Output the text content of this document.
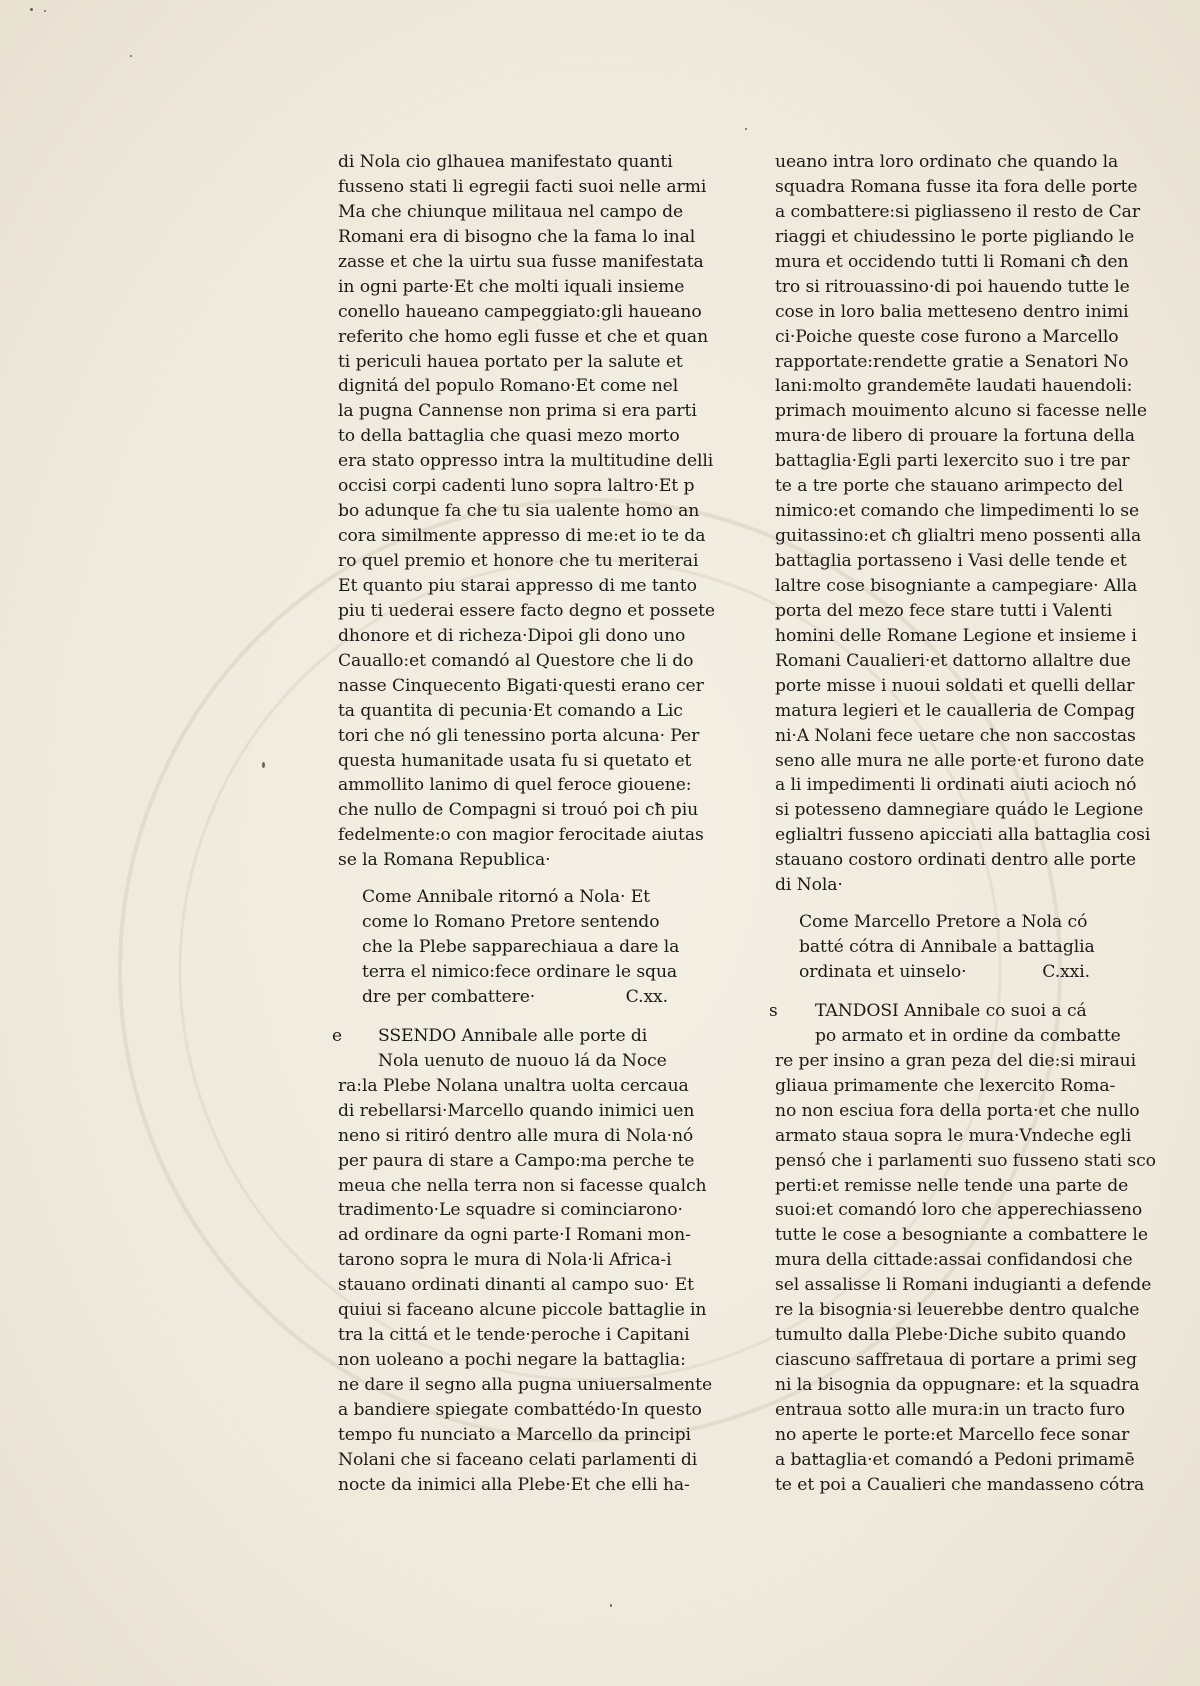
di Nola cio glhauea manifestato quanti
fusseno stati li egregii facti suoi nelle armi
Ma che chiunque militaua nel campo de
Romani era di bisogno che la fama lo inal
zasse et che la uirtu sua fusse manifestata
in ogni parte·Et che molti iquali insieme
conello haueano campeggiato:gli haueano
referito che homo egli fusse et che et quan
ti periculi hauea portato per la salute et
dignitá del populo Romano·Et come nel
la pugna Cannense non prima si era parti
to della battaglia che quasi mezo morto
era stato oppresso intra la multitudine delli
occisi corpi cadenti luno sopra laltro·Et p
bo adunque fa che tu sia ualente homo an
cora similmente appresso di me:et io te da
ro quel premio et honore che tu meriterai
Et quanto piu starai appresso di me tanto
piu ti uederai essere facto degno et possete
dhonore et di richeza·Dipoi gli dono uno
Cauallo:et comandó al Questore che li do
nasse Cinquecento Bigati·questi erano cer
ta quantita di pecunia·Et comando a Lic
tori che nó gli tenessino porta alcuna· Per
questa humanitade usata fu si quetato et
ammollito lanimo di quel feroce giouene:
che nullo de Compagni si trouó poi cħ piu
fedelmente:o con magior ferocitade aiutas
se la Romana Republica·
Come Annibale ritornó a Nola· Et
come lo Romano Pretore sentendo
che la Plebe sapparechiaua a dare la
terra el nimico:fece ordinare le squa
dre per combattere·	C.xx.
e	SSENDO Annibale alle porte di
Nola uenuto de nuouo lá da Noce
ra:la Plebe Nolana unaltra uolta cercaua
di rebellarsi·Marcello quando inimici uen
neno si ritiró dentro alle mura di Nola·nó
per paura di stare a Campo:ma perche te
meua che nella terra non si facesse qualch
tradimento·Le squadre si cominciarono·
ad ordinare da ogni parte·I Romani mon-
tarono sopra le mura di Nola·li Africa-i
stauano ordinati dinanti al campo suo· Et
quiui si faceano alcune piccole battaglie in
tra la cittá et le tende·peroche i Capitani
non uoleano a pochi negare la battaglia:
ne dare il segno alla pugna uniuersalmente
a bandiere spiegate combattédo·In questo
tempo fu nunciato a Marcello da principi
Nolani che si faceano celati parlamenti di
nocte da inimici alla Plebe·Et che elli ha-
ueano intra loro ordinato che quando la
squadra Romana fusse ita fora delle porte
a combattere:si pigliasseno il resto de Car
riaggi et chiudessino le porte pigliando le
mura et occidendo tutti li Romani cħ den
tro si ritrouassino·di poi hauendo tutte le
cose in loro balia metteseno dentro inimi
ci·Poiche queste cose furono a Marcello
rapportate:rendette gratie a Senatori No
lani:molto grandemēte laudati hauendoli:
primach mouimento alcuno si facesse nelle
mura·de libero di prouare la fortuna della
battaglia·Egli parti lexercito suo i tre par
te a tre porte che stauano arimpecto del
nimico:et comando che limpedimenti lo se
guitassino:et cħ glialtri meno possenti alla
battaglia portasseno i Vasi delle tende et
laltre cose bisogniante a campegiare· Alla
porta del mezo fece stare tutti i Valenti
homini delle Romane Legione et insieme i
Romani Caualieri·et dattorno allaltre due
porte misse i nuoui soldati et quelli dellar
matura legieri et le caualleria de Compag
ni·A Nolani fece uetare che non saccostas
seno alle mura ne alle porte·et furono date
a li impedimenti li ordinati aiuti acioch nó
si potesseno damnegiare quádo le Legione
eglialtri fusseno apicciati alla battaglia cosi
stauano costoro ordinati dentro alle porte
di Nola·
Come Marcello Pretore a Nola có
batté cótra di Annibale a battaglia
ordinata et uinselo·	C.xxi.
s	TANDOSI Annibale co suoi a cá
po armato et in ordine da combatte
re per insino a gran peza del die:si miraui
gliaua primamente che lexercito Roma-
no non esciua fora della porta·et che nullo
armato staua sopra le mura·Vndeche egli
pensó che i parlamenti suo fusseno stati sco
perti:et remisse nelle tende una parte de
suoi:et comandó loro che apperechiasseno
tutte le cose a besogniante a combattere le
mura della cittade:assai confidandosi che
sel assalisse li Romani indugianti a defende
re la bisognia·si leuerebbe dentro qualche
tumulto dalla Plebe·Diche subito quando
ciascuno saffretaua di portare a primi seg
ni la bisognia da oppugnare: et la squadra
entraua sotto alle mura:in un tracto furo
no aperte le porte:et Marcello fece sonar
a battaglia·et comandó a Pedoni primamē
te et poi a Caualieri che mandasseno cótra
